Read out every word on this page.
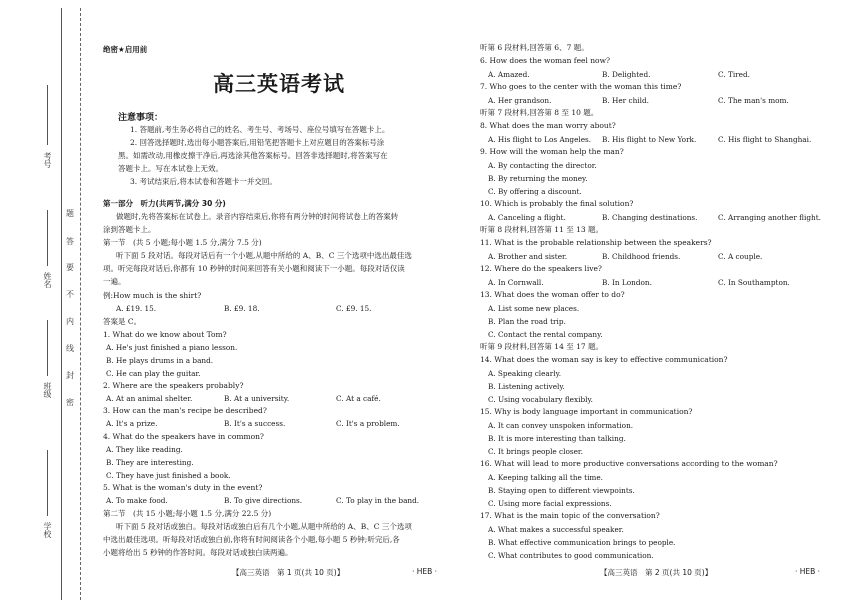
考号
姓名
班级
学校
题
答
要
不
内
线
封
密
绝密★启用前
高三英语考试
注意事项：
1. 答题前,考生务必将自己的姓名、考生号、考场号、座位号填写在答题卡上。
2. 回答选择题时,选出每小题答案后,用铅笔把答题卡上对应题目的答案标号涂
黑。如需改动,用橡皮擦干净后,再选涂其他答案标号。回答非选择题时,将答案写在
答题卡上。写在本试卷上无效。
3. 考试结束后,将本试卷和答题卡一并交回。
第一部分　听力(共两节,满分 30 分)
做题时,先将答案标在试卷上。录音内容结束后,你将有两分钟的时间将试卷上的答案转
涂到答题卡上。
第一节　(共 5 小题;每小题 1.5 分,满分 7.5 分)
听下面 5 段对话。每段对话后有一个小题,从题中所给的 A、B、C 三个选项中选出最佳选
项。听完每段对话后,你都有 10 秒钟的时间来回答有关小题和阅读下一小题。每段对话仅读
一遍。
例:How much is the shirt?
A. £19. 15.	B. £9. 18.	C. £9. 15.
答案是 C。
1. What do we know about Tom?
A. He's just finished a piano lesson.
B. He plays drums in a band.
C. He can play the guitar.
2. Where are the speakers probably?
A. At an animal shelter.	B. At a university.	C. At a café.
3. How can the man's recipe be described?
A. It's a prize.	B. It's a success.	C. It's a problem.
4. What do the speakers have in common?
A. They like reading.
B. They are interesting.
C. They have just finished a book.
5. What is the woman's duty in the event?
A. To make food.	B. To give directions.	C. To play in the band.
第二节　(共 15 小题;每小题 1.5 分,满分 22.5 分)
听下面 5 段对话或独白。每段对话或独白后有几个小题,从题中所给的 A、B、C 三个选项
中选出最佳选项。听每段对话或独白前,你将有时间阅读各个小题,每小题 5 秒钟;听完后,各
小题将给出 5 秒钟的作答时间。每段对话或独白读两遍。
【高三英语　第 1 页(共 10 页)】	· HEB ·
听第 6 段材料,回答第 6、7 题。
6. How does the woman feel now?
A. Amazed.	B. Delighted.	C. Tired.
7. Who goes to the center with the woman this time?
A. Her grandson.	B. Her child.	C. The man's mom.
听第 7 段材料,回答第 8 至 10 题。
8. What does the man worry about?
A. His flight to Los Angeles. B. His flight to New York.	C. His flight to Shanghai.
9. How will the woman help the man?
A. By contacting the director.
B. By returning the money.
C. By offering a discount.
10. Which is probably the final solution?
A. Canceling a flight.	B. Changing destinations.	C. Arranging another flight.
听第 8 段材料,回答第 11 至 13 题。
11. What is the probable relationship between the speakers?
A. Brother and sister.	B. Childhood friends.	C. A couple.
12. Where do the speakers live?
A. In Cornwall.	B. In London.	C. In Southampton.
13. What does the woman offer to do?
A. List some new places.
B. Plan the road trip.
C. Contact the rental company.
听第 9 段材料,回答第 14 至 17 题。
14. What does the woman say is key to effective communication?
A. Speaking clearly.
B. Listening actively.
C. Using vocabulary flexibly.
15. Why is body language important in communication?
A. It can convey unspoken information.
B. It is more interesting than talking.
C. It brings people closer.
16. What will lead to more productive conversations according to the woman?
A. Keeping talking all the time.
B. Staying open to different viewpoints.
C. Using more facial expressions.
17. What is the main topic of the conversation?
A. What makes a successful speaker.
B. What effective communication brings to people.
C. What contributes to good communication.
【高三英语　第 2 页(共 10 页)】	· HEB ·
